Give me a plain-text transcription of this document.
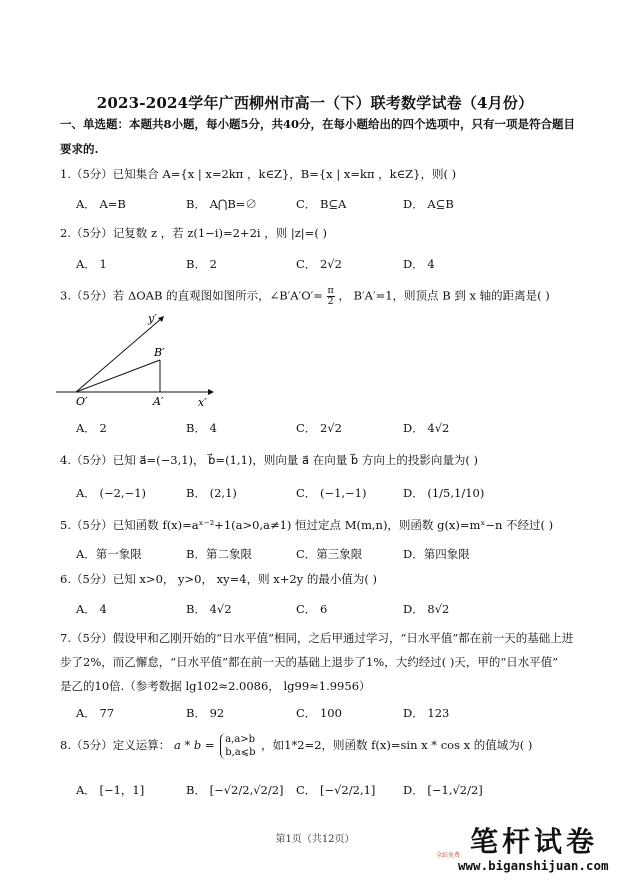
2023-2024学年广西柳州市高一（下）联考数学试卷（4月份）
一、单选题：本题共8小题，每小题5分，共40分，在每小题给出的四个选项中，只有一项是符合题目
要求的.
1.（5分）已知集合 A={x | x=2kπ ，k∈Z}，B={x | x=kπ ，k∈Z}，则( )
A． A=B	B． A⋂B=∅	C． B⊆A	D． A⊆B
2.（5分）记复数 z ，若 z(1−i)=2+2i ，则 |z|=( )
A． 1	B． 2	C． 2√2	D． 4
3.（5分）若 ΔOAB 的直观图如图所示，∠B′A′O′= $\frac{\pi}{2}$ ， B′A′=1，则顶点 B 到 x 轴的距离是( )
y′
x′
O′	A′
B′
A． 2	B． 4	C． 2√2	D． 4√2
4.（5分）已知 a⃗=(−3,1)， b⃗=(1,1)，则向量 a⃗ 在向量 b⃗ 方向上的投影向量为( )
A． (−2,−1)	B． (2,1)	C． (−1,−1)	D． (1/5,1/10)
5.（5分）已知函数 f(x)=aˣ⁻²+1(a>0,a≠1) 恒过定点 M(m,n)，则函数 g(x)=mˣ−n 不经过( )
A．第一象限	B．第二象限	C．第三象限	D．第四象限
6.（5分）已知 x>0， y>0， xy=4，则 x+2y 的最小值为( )
A． 4	B． 4√2	C． 6	D． 8√2
7.（5分）假设甲和乙刚开始的“日水平值”相同，之后甲通过学习，“日水平值”都在前一天的基础上进
步了2%，而乙懈怠，“日水平值”都在前一天的基础上退步了1%，大约经过( )天，甲的“日水平值”
是乙的10倍.（参考数据 lg102≈2.0086， lg99≈1.9956）
A． 77	B． 92	C． 100	D． 123
8.（5分）定义运算： a * b = a,a>b
b,a⩽b
，如1*2=2，则函数 f(x)=sin x * cos x 的值域为( )
A． [−1，1]	B． [−√2/2,√2/2]	C． [−√2/2,1]	D． [−1,√2/2]
第1页（共12页）	笔杆试卷
全站免费
www.biganshijuan.com
